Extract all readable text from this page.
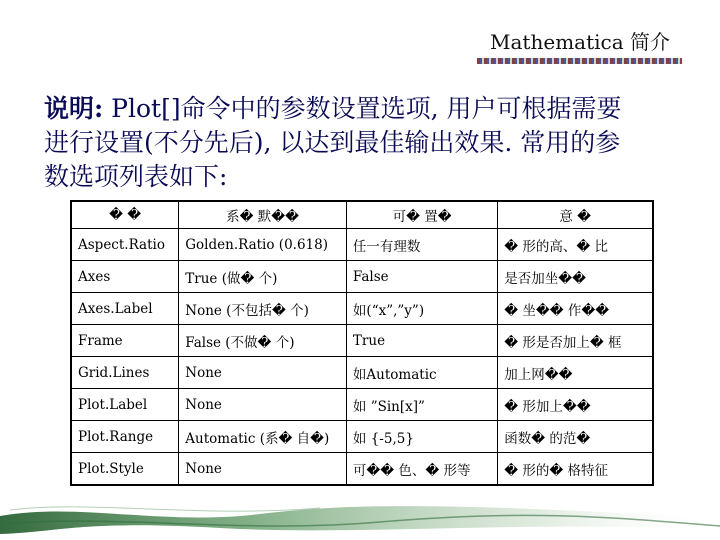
Mathematica 简介
说明: Plot[]命令中的参数设置选项, 用户可根据需要
进行设置(不分先后), 以达到最佳输出效果. 常用的参
数选项列表如下:
� �	系� 默��	可� 置�	意 �
Aspect.Ratio	Golden.Ratio (0.618)	任一有理数	� 形的高、� 比
Axes	True (做� 个)	False	是否加坐��
Axes.Label	None (不包括� 个)	如(“x”,”y”)	� 坐�� 作��
Frame	False (不做� 个)	True	� 形是否加上� 框
Grid.Lines	None	如Automatic	加上网��
Plot.Label	None	如 ”Sin[x]”	� 形加上��
Plot.Range	Automatic (系� 自�)	如 {-5,5}	函数� 的范�
Plot.Style	None	可�� 色、� 形等	� 形的� 格特征
